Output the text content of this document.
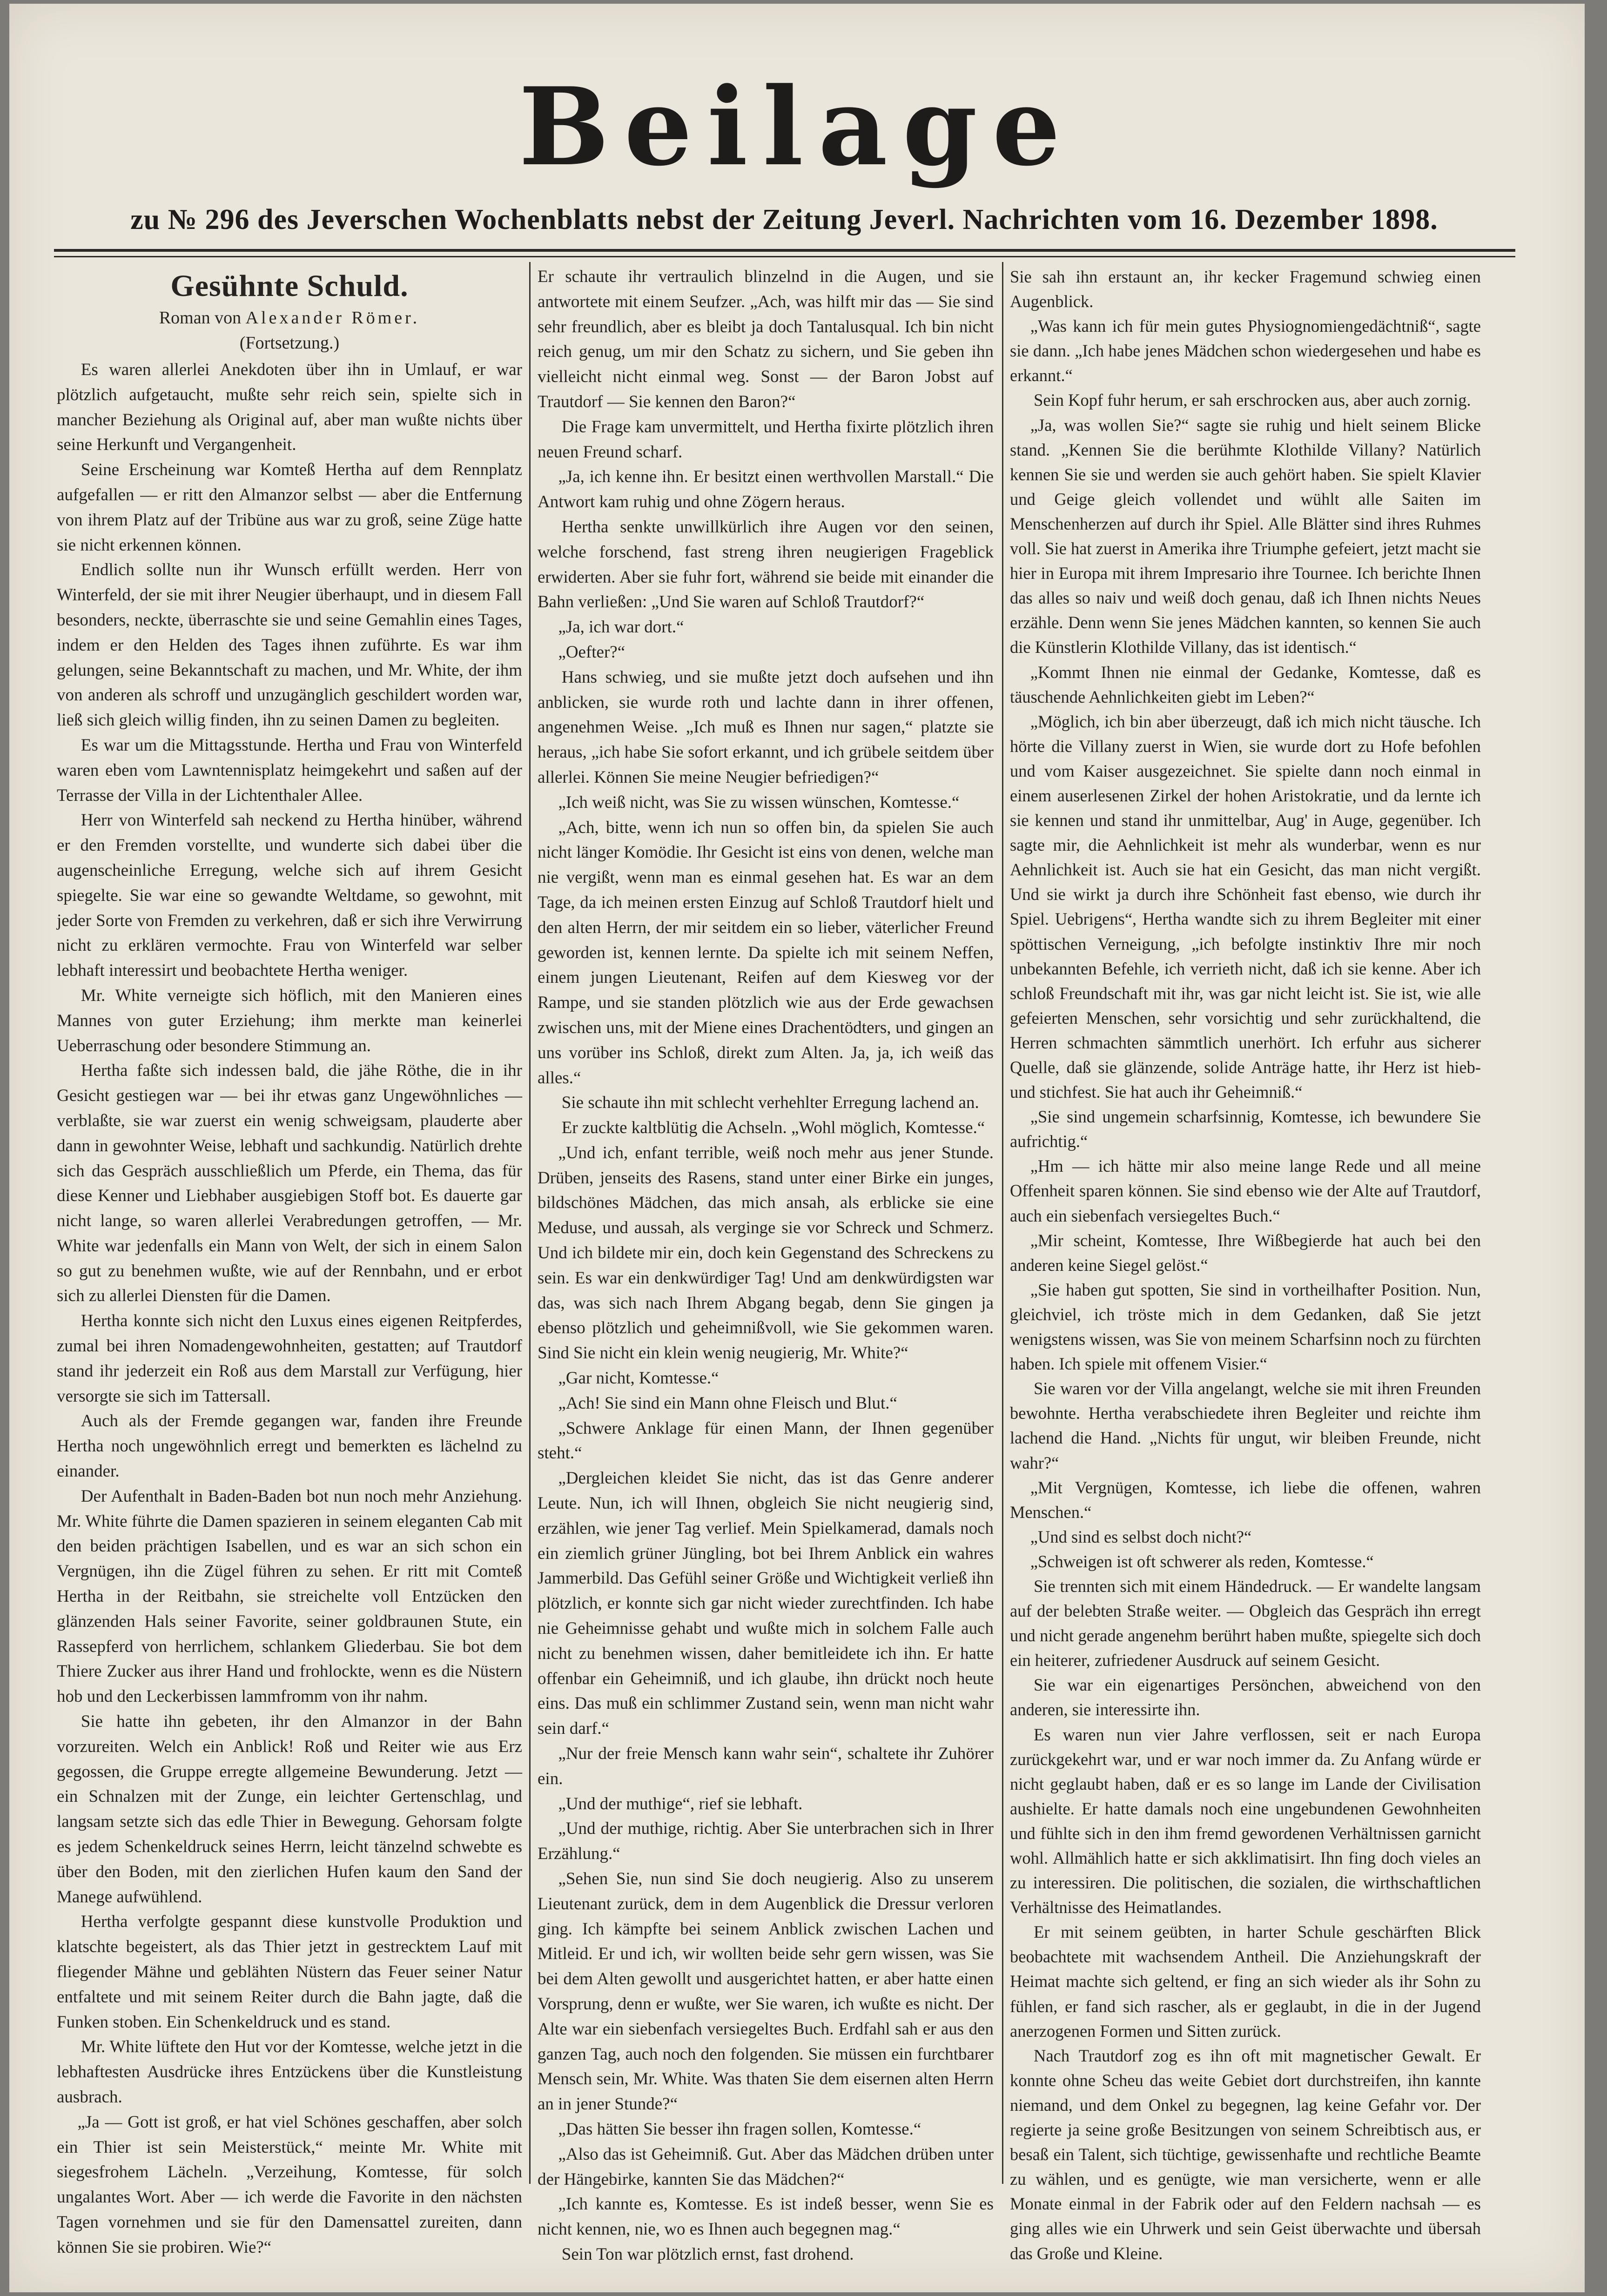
Beilage
zu № 296 des Jeverschen Wochenblatts nebst der Zeitung Jeverl. Nachrichten vom 16. Dezember 1898.
Gesühnte Schuld.
Roman von Alexander Römer.
(Fortsetzung.)

Es waren allerlei Anekdoten über ihn in Umlauf, er war plötzlich aufgetaucht, mußte sehr reich sein, spielte sich in mancher Beziehung als Original auf, aber man wußte nichts über seine Herkunft und Vergangenheit.

Seine Erscheinung war Komteß Hertha auf dem Rennplatz aufgefallen — er ritt den Almanzor selbst — aber die Entfernung von ihrem Platz auf der Tribüne aus war zu groß, seine Züge hatte sie nicht erkennen können.

Endlich sollte nun ihr Wunsch erfüllt werden. Herr von Winterfeld, der sie mit ihrer Neugier überhaupt, und in diesem Fall besonders, neckte, überraschte sie und seine Gemahlin eines Tages, indem er den Helden des Tages ihnen zuführte. Es war ihm gelungen, seine Bekanntschaft zu machen, und Mr. White, der ihm von anderen als schroff und unzugänglich geschildert worden war, ließ sich gleich willig finden, ihn zu seinen Damen zu begleiten.

Es war um die Mittagsstunde. Hertha und Frau von Winterfeld waren eben vom Lawntennisplatz heimgekehrt und saßen auf der Terrasse der Villa in der Lichtenthaler Allee.

Herr von Winterfeld sah neckend zu Hertha hinüber, während er den Fremden vorstellte, und wunderte sich dabei über die augenscheinliche Erregung, welche sich auf ihrem Gesicht spiegelte. Sie war eine so gewandte Weltdame, so gewohnt, mit jeder Sorte von Fremden zu verkehren, daß er sich ihre Verwirrung nicht zu erklären vermochte. Frau von Winterfeld war selber lebhaft interessirt und beobachtete Hertha weniger.

Mr. White verneigte sich höflich, mit den Manieren eines Mannes von guter Erziehung; ihm merkte man keinerlei Ueberraschung oder besondere Stimmung an.

Hertha faßte sich indessen bald, die jähe Röthe, die in ihr Gesicht gestiegen war — bei ihr etwas ganz Ungewöhnliches — verblaßte, sie war zuerst ein wenig schweigsam, plauderte aber dann in gewohnter Weise, lebhaft und sachkundig. Natürlich drehte sich das Gespräch ausschließlich um Pferde, ein Thema, das für diese Kenner und Liebhaber ausgiebigen Stoff bot. Es dauerte gar nicht lange, so waren allerlei Verabredungen getroffen, — Mr. White war jedenfalls ein Mann von Welt, der sich in einem Salon so gut zu benehmen wußte, wie auf der Rennbahn, und er erbot sich zu allerlei Diensten für die Damen.

Hertha konnte sich nicht den Luxus eines eigenen Reitpferdes, zumal bei ihren Nomadengewohnheiten, gestatten; auf Trautdorf stand ihr jederzeit ein Roß aus dem Marstall zur Verfügung, hier versorgte sie sich im Tattersall.

Auch als der Fremde gegangen war, fanden ihre Freunde Hertha noch ungewöhnlich erregt und bemerkten es lächelnd zu einander.

Der Aufenthalt in Baden-Baden bot nun noch mehr Anziehung. Mr. White führte die Damen spazieren in seinem eleganten Cab mit den beiden prächtigen Isabellen, und es war an sich schon ein Vergnügen, ihn die Zügel führen zu sehen. Er ritt mit Comteß Hertha in der Reitbahn, sie streichelte voll Entzücken den glänzenden Hals seiner Favorite, seiner goldbraunen Stute, ein Rassepferd von herrlichem, schlankem Gliederbau. Sie bot dem Thiere Zucker aus ihrer Hand und frohlockte, wenn es die Nüstern hob und den Leckerbissen lammfromm von ihr nahm.

Sie hatte ihn gebeten, ihr den Almanzor in der Bahn vorzureiten. Welch ein Anblick! Roß und Reiter wie aus Erz gegossen, die Gruppe erregte allgemeine Bewunderung. Jetzt — ein Schnalzen mit der Zunge, ein leichter Gertenschlag, und langsam setzte sich das edle Thier in Bewegung. Gehorsam folgte es jedem Schenkeldruck seines Herrn, leicht tänzelnd schwebte es über den Boden, mit den zierlichen Hufen kaum den Sand der Manege aufwühlend.

Hertha verfolgte gespannt diese kunstvolle Produktion und klatschte begeistert, als das Thier jetzt in gestrecktem Lauf mit fliegender Mähne und geblähten Nüstern das Feuer seiner Natur entfaltete und mit seinem Reiter durch die Bahn jagte, daß die Funken stoben. Ein Schenkeldruck und es stand.

Mr. White lüftete den Hut vor der Komtesse, welche jetzt in die lebhaftesten Ausdrücke ihres Entzückens über die Kunstleistung ausbrach.

„Ja — Gott ist groß, er hat viel Schönes geschaffen, aber solch ein Thier ist sein Meisterstück,“ meinte Mr. White mit siegesfrohem Lächeln. „Verzeihung, Komtesse, für solch ungalantes Wort. Aber — ich werde die Favorite in den nächsten Tagen vornehmen und sie für den Damensattel zureiten, dann können Sie sie probiren. Wie?“

Er schaute ihr vertraulich blinzelnd in die Augen, und sie antwortete mit einem Seufzer. „Ach, was hilft mir das — Sie sind sehr freundlich, aber es bleibt ja doch Tantalusqual. Ich bin nicht reich genug, um mir den Schatz zu sichern, und Sie geben ihn vielleicht nicht einmal weg. Sonst — der Baron Jobst auf Trautdorf — Sie kennen den Baron?“

Die Frage kam unvermittelt, und Hertha fixirte plötzlich ihren neuen Freund scharf.

„Ja, ich kenne ihn. Er besitzt einen werthvollen Marstall.“ Die Antwort kam ruhig und ohne Zögern heraus.

Hertha senkte unwillkürlich ihre Augen vor den seinen, welche forschend, fast streng ihren neugierigen Frageblick erwiderten. Aber sie fuhr fort, während sie beide mit einander die Bahn verließen: „Und Sie waren auf Schloß Trautdorf?“

„Ja, ich war dort.“

„Oefter?“

Hans schwieg, und sie mußte jetzt doch aufsehen und ihn anblicken, sie wurde roth und lachte dann in ihrer offenen, angenehmen Weise. „Ich muß es Ihnen nur sagen,“ platzte sie heraus, „ich habe Sie sofort erkannt, und ich grübele seitdem über allerlei. Können Sie meine Neugier befriedigen?“

„Ich weiß nicht, was Sie zu wissen wünschen, Komtesse.“

„Ach, bitte, wenn ich nun so offen bin, da spielen Sie auch nicht länger Komödie. Ihr Gesicht ist eins von denen, welche man nie vergißt, wenn man es einmal gesehen hat. Es war an dem Tage, da ich meinen ersten Einzug auf Schloß Trautdorf hielt und den alten Herrn, der mir seitdem ein so lieber, väterlicher Freund geworden ist, kennen lernte. Da spielte ich mit seinem Neffen, einem jungen Lieutenant, Reifen auf dem Kiesweg vor der Rampe, und sie standen plötzlich wie aus der Erde gewachsen zwischen uns, mit der Miene eines Drachentödters, und gingen an uns vorüber ins Schloß, direkt zum Alten. Ja, ja, ich weiß das alles.“

Sie schaute ihn mit schlecht verhehlter Erregung lachend an.

Er zuckte kaltblütig die Achseln. „Wohl möglich, Komtesse.“

„Und ich, enfant terrible, weiß noch mehr aus jener Stunde. Drüben, jenseits des Rasens, stand unter einer Birke ein junges, bildschönes Mädchen, das mich ansah, als erblicke sie eine Meduse, und aussah, als verginge sie vor Schreck und Schmerz. Und ich bildete mir ein, doch kein Gegenstand des Schreckens zu sein. Es war ein denkwürdiger Tag! Und am denkwürdigsten war das, was sich nach Ihrem Abgang begab, denn Sie gingen ja ebenso plötzlich und geheimnißvoll, wie Sie gekommen waren. Sind Sie nicht ein klein wenig neugierig, Mr. White?“

„Gar nicht, Komtesse.“

„Ach! Sie sind ein Mann ohne Fleisch und Blut.“

„Schwere Anklage für einen Mann, der Ihnen gegenüber steht.“

„Dergleichen kleidet Sie nicht, das ist das Genre anderer Leute. Nun, ich will Ihnen, obgleich Sie nicht neugierig sind, erzählen, wie jener Tag verlief. Mein Spielkamerad, damals noch ein ziemlich grüner Jüngling, bot bei Ihrem Anblick ein wahres Jammerbild. Das Gefühl seiner Größe und Wichtigkeit verließ ihn plötzlich, er konnte sich gar nicht wieder zurechtfinden. Ich habe nie Geheimnisse gehabt und wußte mich in solchem Falle auch nicht zu benehmen wissen, daher bemitleidete ich ihn. Er hatte offenbar ein Geheimniß, und ich glaube, ihn drückt noch heute eins. Das muß ein schlimmer Zustand sein, wenn man nicht wahr sein darf.“

„Nur der freie Mensch kann wahr sein“, schaltete ihr Zuhörer ein.

„Und der muthige“, rief sie lebhaft.

„Und der muthige, richtig. Aber Sie unterbrachen sich in Ihrer Erzählung.“

„Sehen Sie, nun sind Sie doch neugierig. Also zu unserem Lieutenant zurück, dem in dem Augenblick die Dressur verloren ging. Ich kämpfte bei seinem Anblick zwischen Lachen und Mitleid. Er und ich, wir wollten beide sehr gern wissen, was Sie bei dem Alten gewollt und ausgerichtet hatten, er aber hatte einen Vorsprung, denn er wußte, wer Sie waren, ich wußte es nicht. Der Alte war ein siebenfach versiegeltes Buch. Erdfahl sah er aus den ganzen Tag, auch noch den folgenden. Sie müssen ein furchtbarer Mensch sein, Mr. White. Was thaten Sie dem eisernen alten Herrn an in jener Stunde?“

„Das hätten Sie besser ihn fragen sollen, Komtesse.“

„Also das ist Geheimniß. Gut. Aber das Mädchen drüben unter der Hängebirke, kannten Sie das Mädchen?“

„Ich kannte es, Komtesse. Es ist indeß besser, wenn Sie es nicht kennen, nie, wo es Ihnen auch begegnen mag.“

Sein Ton war plötzlich ernst, fast drohend.

Sie sah ihn erstaunt an, ihr kecker Fragemund schwieg einen Augenblick.

„Was kann ich für mein gutes Physiognomiengedächtniß“, sagte sie dann. „Ich habe jenes Mädchen schon wiedergesehen und habe es erkannt.“

Sein Kopf fuhr herum, er sah erschrocken aus, aber auch zornig.

„Ja, was wollen Sie?“ sagte sie ruhig und hielt seinem Blicke stand. „Kennen Sie die berühmte Klothilde Villany? Natürlich kennen Sie sie und werden sie auch gehört haben. Sie spielt Klavier und Geige gleich vollendet und wühlt alle Saiten im Menschenherzen auf durch ihr Spiel. Alle Blätter sind ihres Ruhmes voll. Sie hat zuerst in Amerika ihre Triumphe gefeiert, jetzt macht sie hier in Europa mit ihrem Impresario ihre Tournee. Ich berichte Ihnen das alles so naiv und weiß doch genau, daß ich Ihnen nichts Neues erzähle. Denn wenn Sie jenes Mädchen kannten, so kennen Sie auch die Künstlerin Klothilde Villany, das ist identisch.“

„Kommt Ihnen nie einmal der Gedanke, Komtesse, daß es täuschende Aehnlichkeiten giebt im Leben?“

„Möglich, ich bin aber überzeugt, daß ich mich nicht täusche. Ich hörte die Villany zuerst in Wien, sie wurde dort zu Hofe befohlen und vom Kaiser ausgezeichnet. Sie spielte dann noch einmal in einem auserlesenen Zirkel der hohen Aristokratie, und da lernte ich sie kennen und stand ihr unmittelbar, Aug' in Auge, gegenüber. Ich sagte mir, die Aehnlichkeit ist mehr als wunderbar, wenn es nur Aehnlichkeit ist. Auch sie hat ein Gesicht, das man nicht vergißt. Und sie wirkt ja durch ihre Schönheit fast ebenso, wie durch ihr Spiel. Uebrigens“, Hertha wandte sich zu ihrem Begleiter mit einer spöttischen Verneigung, „ich befolgte instinktiv Ihre mir noch unbekannten Befehle, ich verrieth nicht, daß ich sie kenne. Aber ich schloß Freundschaft mit ihr, was gar nicht leicht ist. Sie ist, wie alle gefeierten Menschen, sehr vorsichtig und sehr zurückhaltend, die Herren schmachten sämmtlich unerhört. Ich erfuhr aus sicherer Quelle, daß sie glänzende, solide Anträge hatte, ihr Herz ist hieb- und stichfest. Sie hat auch ihr Geheimniß.“

„Sie sind ungemein scharfsinnig, Komtesse, ich bewundere Sie aufrichtig.“

„Hm — ich hätte mir also meine lange Rede und all meine Offenheit sparen können. Sie sind ebenso wie der Alte auf Trautdorf, auch ein siebenfach versiegeltes Buch.“

„Mir scheint, Komtesse, Ihre Wißbegierde hat auch bei den anderen keine Siegel gelöst.“

„Sie haben gut spotten, Sie sind in vortheilhafter Position. Nun, gleichviel, ich tröste mich in dem Gedanken, daß Sie jetzt wenigstens wissen, was Sie von meinem Scharfsinn noch zu fürchten haben. Ich spiele mit offenem Visier.“

Sie waren vor der Villa angelangt, welche sie mit ihren Freunden bewohnte. Hertha verabschiedete ihren Begleiter und reichte ihm lachend die Hand. „Nichts für ungut, wir bleiben Freunde, nicht wahr?“

„Mit Vergnügen, Komtesse, ich liebe die offenen, wahren Menschen.“

„Und sind es selbst doch nicht?“

„Schweigen ist oft schwerer als reden, Komtesse.“

Sie trennten sich mit einem Händedruck. — Er wandelte langsam auf der belebten Straße weiter. — Obgleich das Gespräch ihn erregt und nicht gerade angenehm berührt haben mußte, spiegelte sich doch ein heiterer, zufriedener Ausdruck auf seinem Gesicht.

Sie war ein eigenartiges Persönchen, abweichend von den anderen, sie interessirte ihn.

Es waren nun vier Jahre verflossen, seit er nach Europa zurückgekehrt war, und er war noch immer da. Zu Anfang würde er nicht geglaubt haben, daß er es so lange im Lande der Civilisation aushielte. Er hatte damals noch eine ungebundenen Gewohnheiten und fühlte sich in den ihm fremd gewordenen Verhältnissen garnicht wohl. Allmählich hatte er sich akklimatisirt. Ihn fing doch vieles an zu interessiren. Die politischen, die sozialen, die wirthschaftlichen Verhältnisse des Heimatlandes.

Er mit seinem geübten, in harter Schule geschärften Blick beobachtete mit wachsendem Antheil. Die Anziehungskraft der Heimat machte sich geltend, er fing an sich wieder als ihr Sohn zu fühlen, er fand sich rascher, als er geglaubt, in die in der Jugend anerzogenen Formen und Sitten zurück.

Nach Trautdorf zog es ihn oft mit magnetischer Gewalt. Er konnte ohne Scheu das weite Gebiet dort durchstreifen, ihn kannte niemand, und dem Onkel zu begegnen, lag keine Gefahr vor. Der regierte ja seine große Besitzungen von seinem Schreibtisch aus, er besaß ein Talent, sich tüchtige, gewissenhafte und rechtliche Beamte zu wählen, und es genügte, wie man versicherte, wenn er alle Monate einmal in der Fabrik oder auf den Feldern nachsah — es ging alles wie ein Uhrwerk und sein Geist überwachte und übersah das Große und Kleine.
